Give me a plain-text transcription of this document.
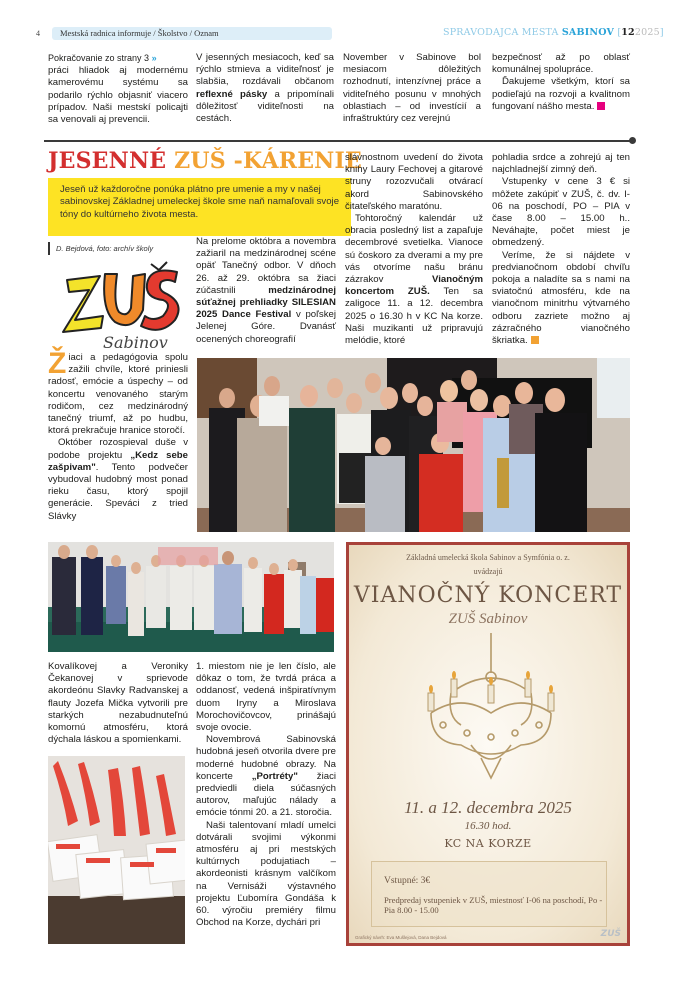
4 Mestská radnica informuje / Školstvo / Oznam	SPRAVODAJCA MESTA SABINOV [122025]
Pokračovanie zo strany 3 »

práci hliadok aj modernému kamerovému systému sa podarilo rýchlo objasniť viacero prípadov. Naši mestskí policajti sa venovali aj prevencii.

V jesenných mesiacoch, keď sa rýchlo stmieva a viditeľnosť je slabšia, rozdávali občanom reflexné pásky a pripomínali dôležitosť viditeľnosti na cestách.

November v Sabinove bol mesiacom dôležitých rozhodnutí, intenzívnej práce a viditeľného posunu v mnohých oblastiach – od investícií a infraštruktúry cez verejnú

bezpečnosť až po oblasť komunálnej spolupráce.

Ďakujeme všetkým, ktorí sa podieľajú na rozvoji a kvalitnom fungovaní nášho mesta.

JESENNÉ ZUŠ -KÁRENIE
Jeseň už každoročne ponúka plátno pre umenie a my v našej sabinovskej Základnej umeleckej škole sme naň namaľovali svoje tóny do kultúrneho života mesta.
D. Bejdová, foto: archív školy
Sabinov

Žiaci a pedagógovia spolu zažili chvíle, ktoré priniesli radosť, emócie a úspechy – od koncertu venovaného starým rodičom, cez medzinárodný tanečný triumf, až po hudbu, ktorá prekračuje hranice storočí.

Október rozospieval duše v podobe projektu „Kedz sebe zašpivam". Tento podvečer vybudoval hudobný most ponad rieku času, ktorý spojil generácie. Speváci z tried Slávky

Na prelome októbra a novembra zažiaril na medzinárodnej scéne opäť Tanečný odbor. V dňoch 26. až 29. októbra sa žiaci zúčastnili medzinárodnej súťažnej prehliadky SILESIAN 2025 Dance Festival v poľskej Jelenej Góre. Dvanásť ocenených choreografií

slávnostnom uvedení do života knihy Laury Fechovej a gitarové struny rozozvučali otvárací akord Sabinovského čitateľského maratónu.

Tohtoročný kalendár už obracia posledný list a zapaľuje decembrové svetielka. Vianoce sú čoskoro za dverami a my pre vás otvoríme našu bránu zázrakov Vianočným koncertom ZUŠ. Ten sa zaligoce 11. a 12. decembra 2025 o 16.30 h v KC Na korze. Naši muzikanti už pripravujú melódie, ktoré

pohladia srdce a zohrejú aj ten najchladnejší zimný deň.

Vstupenky v cene 3 € si môžete zakúpiť v ZUŠ, č. dv. I-06 na poschodí, PO – PIA v čase 8.00 – 15.00 h.. Neváhajte, počet miest je obmedzený.

Veríme, že si nájdete v predvianočnom období chvíľu pokoja a naladíte sa s nami na sviatočnú atmosféru, kde na vianočnom minitrhu výtvarného odboru zazriete možno aj zázračného vianočného škriatka.

Kovalíkovej a Veroniky Čekanovej v sprievode akordeónu Slavky Radvanskej a flauty Jozefa Mička vytvorili pre starkých nezabudnuteľnú komornú atmosféru, ktorá dýchala láskou a spomienkami.

1. miestom nie je len číslo, ale dôkaz o tom, že tvrdá práca a oddanosť, vedená inšpiratívnym duom Iryny a Miroslava Morochovičovcov, prinášajú svoje ovocie.

Novembrová Sabinovská hudobná jeseň otvorila dvere pre moderné hudobné obrazy. Na koncerte „Portréty" žiaci predviedli diela súčasných autorov, maľujúc nálady a emócie tónmi 20. a 21. storočia.

Naši talentovaní mladí umelci dotvárali svojimi výkonmi atmosféru aj pri mestských kultúrnych podujatiach – akordeonisti krásnym valčíkom na Vernisáži výstavného projektu Ľubomíra Gondáša k 60. výročiu premiéry filmu Obchod na Korze, dychári pri

Základná umelecká škola Sabinov a Symfónia o. z.
uvádzajú
VIANOČNÝ KONCERT
ZUŠ Sabinov
11. a 12. decembra 2025
16.30 hod.
KC NA KORZE
Vstupné: 3€
Predpredaj vstupeniek v ZUŠ, miestnosť I-06 na poschodí, Po - Pia 8.00 - 15.00
Grafický návrh: Eva Mušlejová, Dana Bejdová	ZUŠ
